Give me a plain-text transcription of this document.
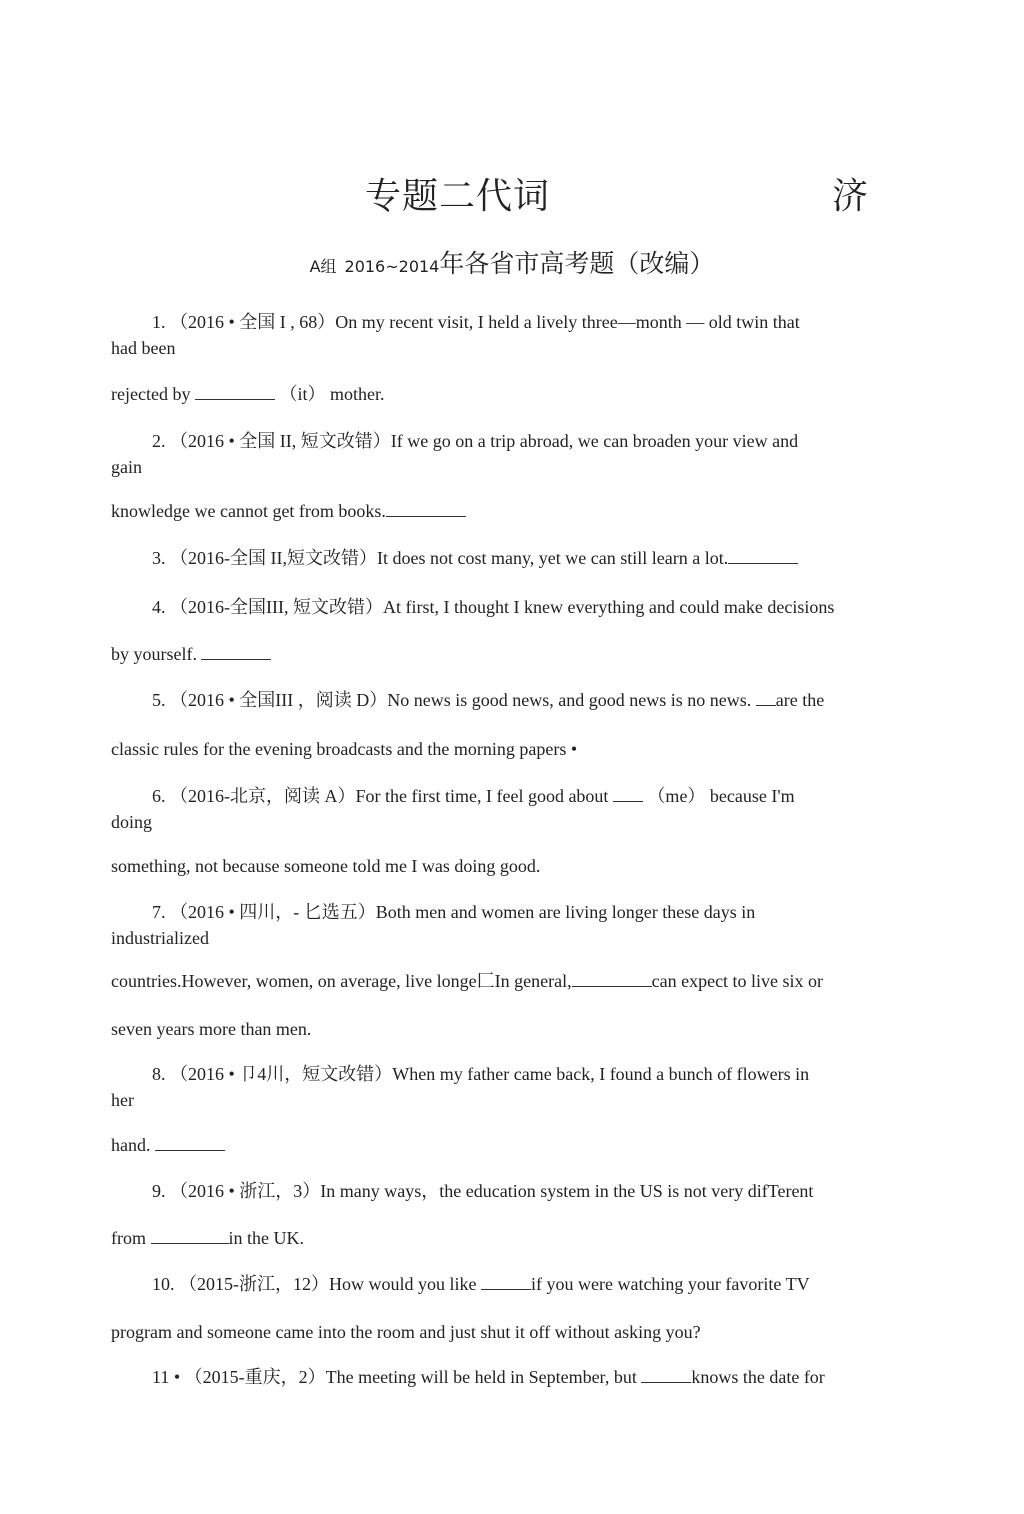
专题二代词	济
A组 2016~2014年各省市高考题（改编）
1. （2016 • 全国 I , 68）On my recent visit, I held a lively three—month — old twin that
had been
rejected by	（it） mother.
2. （2016 • 全国 II, 短文改错）If we go on a trip abroad, we can broaden your view and
gain
knowledge we cannot get from books.
3. （2016-全国 II,短文改错）It does not cost many, yet we can still learn a lot.
4. （2016-全国III, 短文改错）At first, I thought I knew everything and could make decisions
by yourself.
5. （2016 • 全国III ，阅读 D）No news is good news, and good news is no news. are the
classic rules for the evening broadcasts and the morning papers •
6. （2016-北京，阅读 A）For the first time, I feel good about （me） because I'm
doing
something, not because someone told me I was doing good.
7. （2016 • 四川，- 匕选五）Both men and women are living longer these days in
industrialized
countries.However, women, on average, live longe匚In general,	can expect to live six or
seven years more than men.
8. （2016 • 卩4川，短文改错）When my father came back, I found a bunch of flowers in
her
hand.
9. （2016 • 浙江，3）In many ways，the education system in the US is not very difTerent
from	in the UK.
10. （2015-浙江，12）How would you like	if you were watching your favorite TV
program and someone came into the room and just shut it off without asking you?
11 • （2015-重庆，2）The meeting will be held in September, but	knows the date for
